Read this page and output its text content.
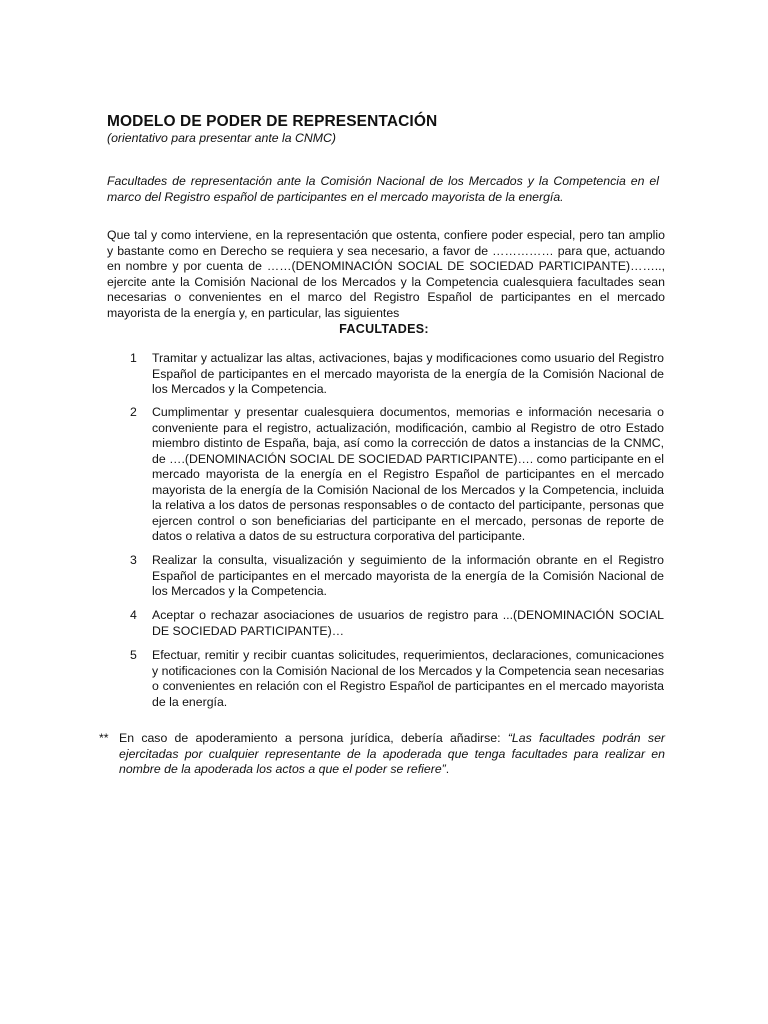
MODELO DE PODER DE REPRESENTACIÓN
(orientativo para presentar ante la CNMC)
Facultades de representación ante la Comisión Nacional de los Mercados y la Competencia en el marco del Registro español de participantes en el mercado mayorista de la energía.
Que tal y como interviene, en la representación que ostenta, confiere poder especial, pero tan amplio y bastante como en Derecho se requiera y sea necesario, a favor de …………… para que, actuando en nombre y por cuenta de ……(DENOMINACIÓN SOCIAL DE SOCIEDAD PARTICIPANTE)…….., ejercite ante la Comisión Nacional de los Mercados y la Competencia cualesquiera facultades sean necesarias o convenientes en el marco del Registro Español de participantes en el mercado mayorista de la energía y, en particular, las siguientes
FACULTADES:
1 Tramitar y actualizar las altas, activaciones, bajas y modificaciones como usuario del Registro Español de participantes en el mercado mayorista de la energía de la Comisión Nacional de los Mercados y la Competencia.
2 Cumplimentar y presentar cualesquiera documentos, memorias e información necesaria o conveniente para el registro, actualización, modificación, cambio al Registro de otro Estado miembro distinto de España, baja, así como la corrección de datos a instancias de la CNMC, de ….(DENOMINACIÓN SOCIAL DE SOCIEDAD PARTICIPANTE)…. como participante en el mercado mayorista de la energía en el Registro Español de participantes en el mercado mayorista de la energía de la Comisión Nacional de los Mercados y la Competencia, incluida la relativa a los datos de personas responsables o de contacto del participante, personas que ejercen control o son beneficiarias del participante en el mercado, personas de reporte de datos o relativa a datos de su estructura corporativa del participante.
3 Realizar la consulta, visualización y seguimiento de la información obrante en el Registro Español de participantes en el mercado mayorista de la energía de la Comisión Nacional de los Mercados y la Competencia.
4 Aceptar o rechazar asociaciones de usuarios de registro para ...(DENOMINACIÓN SOCIAL DE SOCIEDAD PARTICIPANTE)…
5 Efectuar, remitir y recibir cuantas solicitudes, requerimientos, declaraciones, comunicaciones y notificaciones con la Comisión Nacional de los Mercados y la Competencia sean necesarias o convenientes en relación con el Registro Español de participantes en el mercado mayorista de la energía.
** En caso de apoderamiento a persona jurídica, debería añadirse: “Las facultades podrán ser ejercitadas por cualquier representante de la apoderada que tenga facultades para realizar en nombre de la apoderada los actos a que el poder se refiere”.
